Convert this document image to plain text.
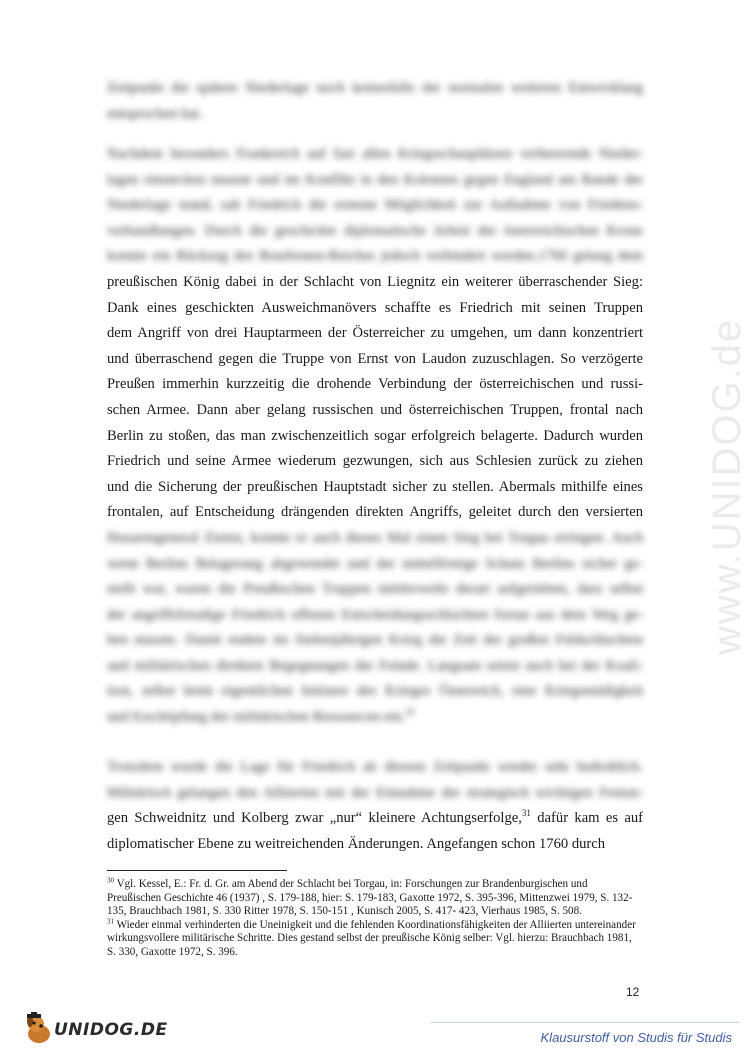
www.UNIDOG.de
Zeitpunkt die spätere Niederlage noch keinesfalls der normalen weiteren Entwicklung
entsprochen hat.
Nachdem besonders Frankreich auf fast allen Kriegsschauplätzen verheerende Nieder-
lagen einstecken musste und im Konflikt in den Kolonien gegen England am Rande der
Niederlage stand, sah Friedrich die erneute Möglichkeit zur Aufnahme von Friedens-
verhandlungen. Durch die geschickte diplomatische Arbeit der österreichischen Krone
konnte ein Rückzug des Bourbonen-Reiches jedoch verhindert werden.1760 gelang dem
preußischen König dabei in der Schlacht von Liegnitz ein weiterer überraschender Sieg:
Dank eines geschickten Ausweichmanövers schaffte es Friedrich mit seinen Truppen
dem Angriff von drei Hauptarmeen der Österreicher zu umgehen, um dann konzentriert
und überraschend gegen die Truppe von Ernst von Laudon zuzuschlagen. So verzögerte
Preußen immerhin kurzzeitig die drohende Verbindung der österreichischen und russi-
schen Armee. Dann aber gelang russischen und österreichischen Truppen, frontal nach
Berlin zu stoßen, das man zwischenzeitlich sogar erfolgreich belagerte. Dadurch wurden
Friedrich und seine Armee wiederum gezwungen, sich aus Schlesien zurück zu ziehen
und die Sicherung der preußischen Hauptstadt sicher zu stellen. Abermals mithilfe eines
frontalen, auf Entscheidung drängenden direkten Angriffs, geleitet durch den versierten
Husarengeneral Zieten, konnte er auch dieses Mal einen Sieg bei Torgau erringen. Auch
wenn Berlins Belagerung abgewendet und der mittelfristige Schutz Berlins sicher ge-
stellt war, waren die Preußischen Truppen mittlerweile derart aufgerieben, dass selbst
der angriffsfreudige Friedrich offenen Entscheidungsschlachten fortan aus dem Weg ge-
hen musste. Damit endete im Siebenjährigen Krieg die Zeit der großen Feldschlachten
und militärischen direkten Begegnungen der Feinde. Langsam setzte auch bei der Koali-
tion, selbst beim eigentlichen Initiator des Krieges Österreich, eine Kriegsmüdigkeit
und Erschöpfung der militärischen Ressourcen ein.$^{30}$
Trotzdem wurde die Lage für Friedrich ab diesem Zeitpunkt wieder sehr bedrohlich.
Militärisch gelangen den Alliierten mit der Einnahme der strategisch wichtigen Festun-
gen Schweidnitz und Kolberg zwar „nur“ kleinere Achtungserfolge,$^{31}$ dafür kam es auf
diplomatischer Ebene zu weitreichenden Änderungen. Angefangen schon 1760 durch

$^{30}$ Vgl. Kessel, E.: Fr. d. Gr. am Abend der Schlacht bei Torgau, in: Forschungen zur Brandenburgischen und Preußischen Geschichte 46 (1937) , S. 179-188, hier: S. 179-183, Gaxotte 1972, S. 395-396, Mittenzwei 1979, S. 132-135, Brauchbach 1981, S. 330 Ritter 1978, S. 150-151 , Kunisch 2005, S. 417- 423, Vierhaus 1985, S. 508.

$^{31}$ Wieder einmal verhinderten die Uneinigkeit und die fehlenden Koordinationsfähigkeiten der Alliierten untereinander wirkungsvollere militärische Schritte. Dies gestand selbst der preußische König selber: Vgl. hierzu: Brauchbach 1981, S. 330, Gaxotte 1972, S. 396.

12
UNIDOG.DE	Klausurstoff von Studis für Studis
